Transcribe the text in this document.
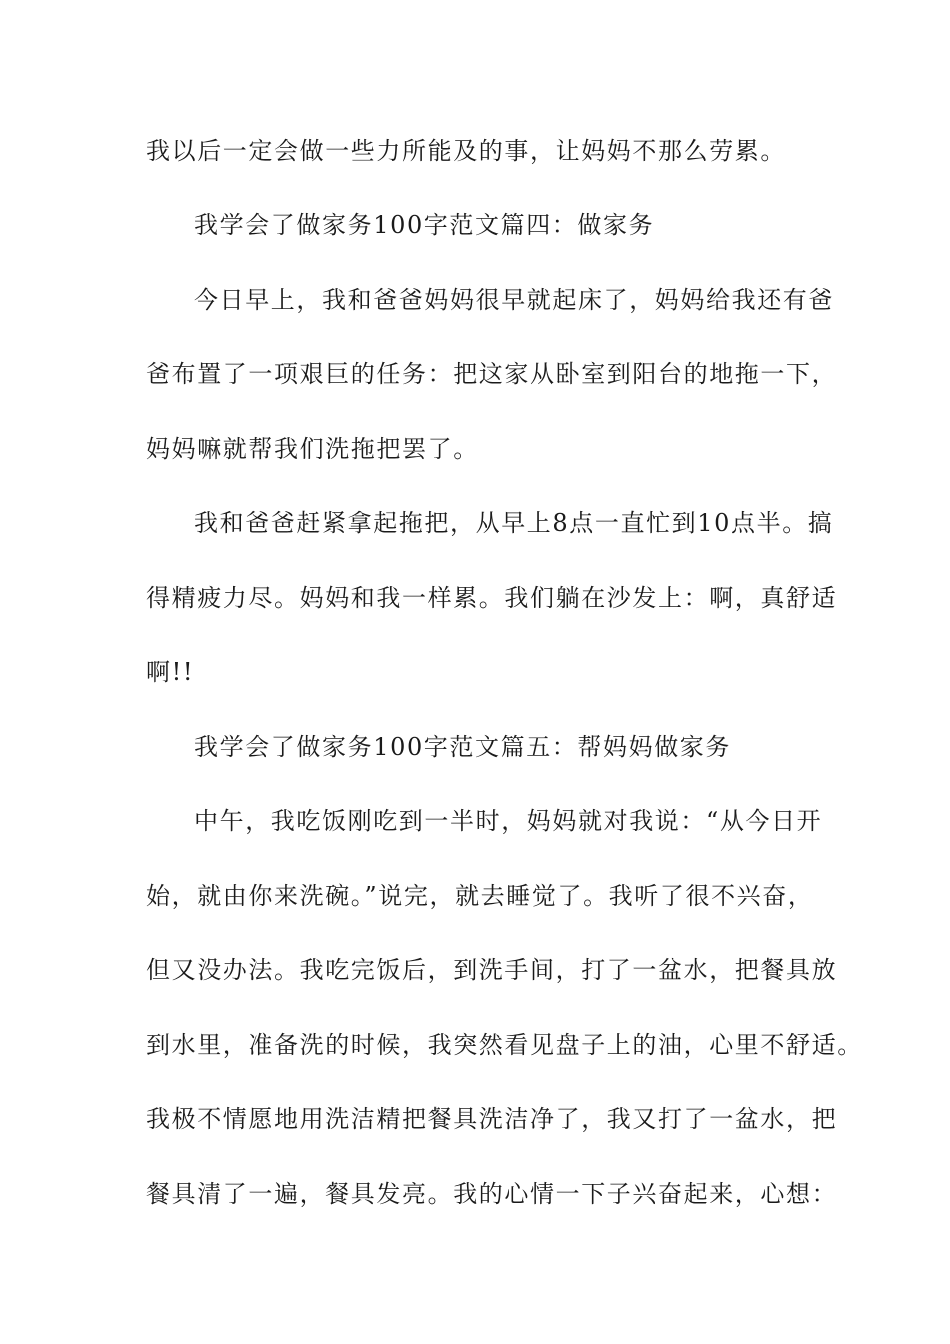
我以后一定会做一些力所能及的事，让妈妈不那么劳累。
我学会了做家务100字范文篇四：做家务
今日早上，我和爸爸妈妈很早就起床了，妈妈给我还有爸
爸布置了一项艰巨的任务：把这家从卧室到阳台的地拖一下，
妈妈嘛就帮我们洗拖把罢了。
我和爸爸赶紧拿起拖把，从早上8点一直忙到10点半。搞
得精疲力尽。妈妈和我一样累。我们躺在沙发上：啊，真舒适
啊!!
我学会了做家务100字范文篇五：帮妈妈做家务
中午，我吃饭刚吃到一半时，妈妈就对我说：“从今日开
始，就由你来洗碗。”说完，就去睡觉了。我听了很不兴奋，
但又没办法。我吃完饭后，到洗手间，打了一盆水，把餐具放
到水里，准备洗的时候，我突然看见盘子上的油，心里不舒适。
我极不情愿地用洗洁精把餐具洗洁净了，我又打了一盆水，把
餐具清了一遍，餐具发亮。我的心情一下子兴奋起来，心想：
